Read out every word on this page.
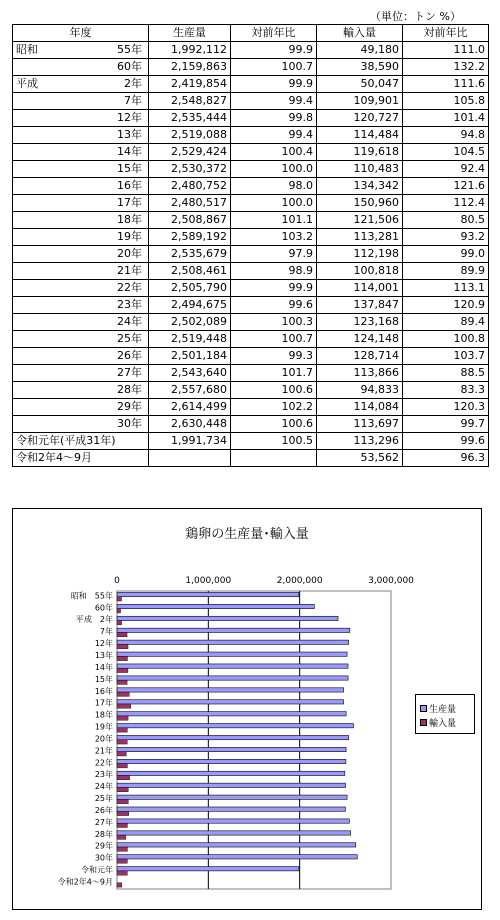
（単位：トン %）
年度	生産量	対前年比	輸入量	対前年比
昭和 55年	1,992,112	99.9	49,180	111.0
60年	2,159,863	100.7	38,590	132.2
平成 2年	2,419,854	99.9	50,047	111.6
7年	2,548,827	99.4	109,901	105.8
12年	2,535,444	99.8	120,727	101.4
13年	2,519,088	99.4	114,484	94.8
14年	2,529,424	100.4	119,618	104.5
15年	2,530,372	100.0	110,483	92.4
16年	2,480,752	98.0	134,342	121.6
17年	2,480,517	100.0	150,960	112.4
18年	2,508,867	101.1	121,506	80.5
19年	2,589,192	103.2	113,281	93.2
20年	2,535,679	97.9	112,198	99.0
21年	2,508,461	98.9	100,818	89.9
22年	2,505,790	99.9	114,001	113.1
23年	2,494,675	99.6	137,847	120.9
24年	2,502,089	100.3	123,168	89.4
25年	2,519,448	100.7	124,148	100.8
26年	2,501,184	99.3	128,714	103.7
27年	2,543,640	101.7	113,866	88.5
28年	2,557,680	100.6	94,833	83.3
29年	2,614,499	102.2	114,084	120.3
30年	2,630,448	100.6	113,697	99.7
令和元年(平成31年)	1,991,734	100.5	113,296	99.6
令和2年4～9月			53,562	96.3
鶏卵の生産量･輸入量
0	1,000,000	2,000,000	3,000,000
昭和　55年
60年
平成　2年
7年
12年
13年
14年
15年
16年
17年
18年
19年
20年
21年
22年
23年
24年
25年
26年
27年
28年
29年
30年
令和元年
令和2年4～9月
生産量
輸入量
